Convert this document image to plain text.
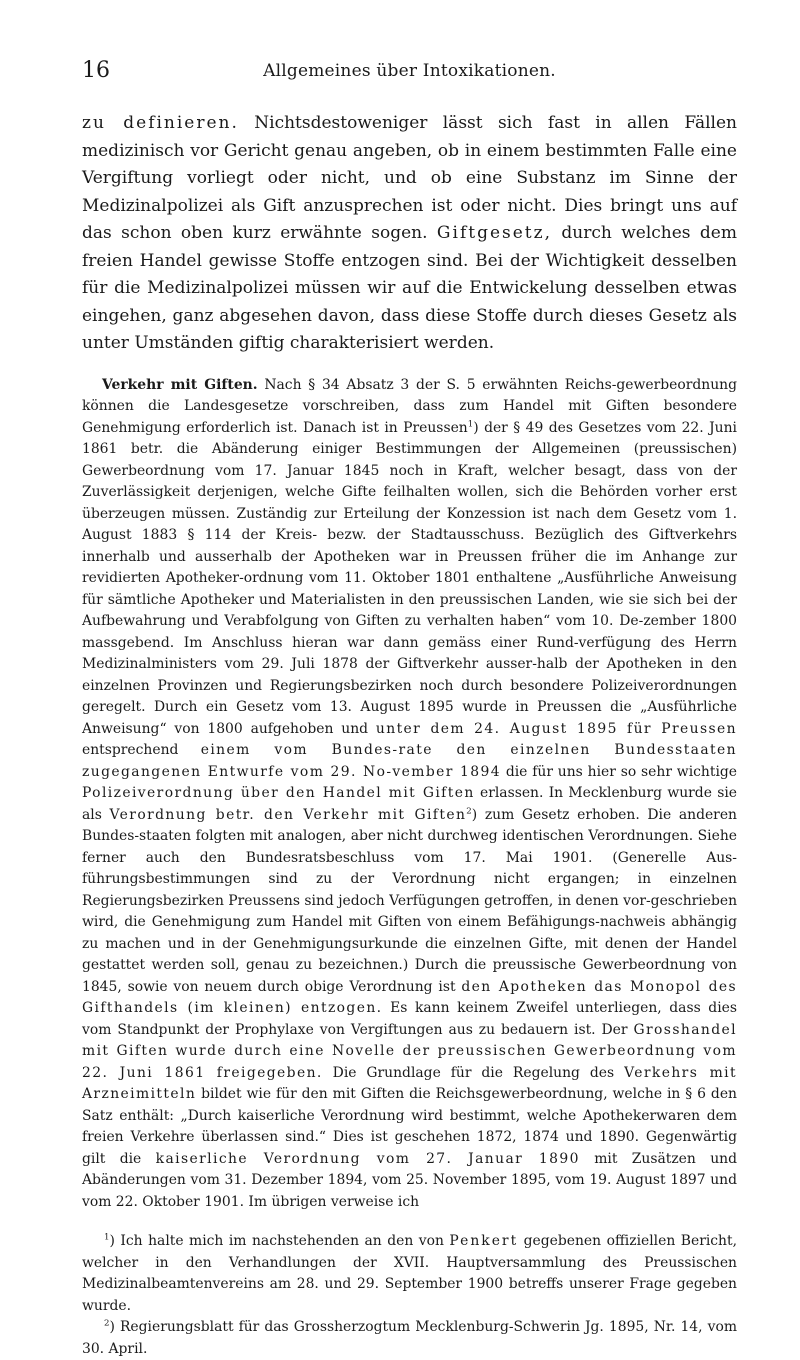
16	Allgemeines über Intoxikationen.

zu definieren. Nichtsdestoweniger lässt sich fast in allen Fällen medizinisch vor Gericht genau angeben, ob in einem bestimmten Falle eine Vergiftung vorliegt oder nicht, und ob eine Substanz im Sinne der Medizinalpolizei als Gift anzusprechen ist oder nicht. Dies bringt uns auf das schon oben kurz erwähnte sogen. Giftgesetz, durch welches dem freien Handel gewisse Stoffe entzogen sind. Bei der Wichtigkeit desselben für die Medizinalpolizei müssen wir auf die Entwickelung desselben etwas eingehen, ganz abgesehen davon, dass diese Stoffe durch dieses Gesetz als unter Umständen giftig charakterisiert werden.

Verkehr mit Giften. Nach § 34 Absatz 3 der S. 5 erwähnten Reichs-gewerbeordnung können die Landesgesetze vorschreiben, dass zum Handel mit Giften besondere Genehmigung erforderlich ist. Danach ist in Preussen$^1$) der § 49 des Gesetzes vom 22. Juni 1861 betr. die Abänderung einiger Bestimmungen der Allgemeinen (preussischen) Gewerbeordnung vom 17. Januar 1845 noch in Kraft, welcher besagt, dass von der Zuverlässigkeit derjenigen, welche Gifte feilhalten wollen, sich die Behörden vorher erst überzeugen müssen. Zuständig zur Erteilung der Konzession ist nach dem Gesetz vom 1. August 1883 § 114 der Kreis- bezw. der Stadtausschuss. Bezüglich des Giftverkehrs innerhalb und ausserhalb der Apotheken war in Preussen früher die im Anhange zur revidierten Apotheker-ordnung vom 11. Oktober 1801 enthaltene „Ausführliche Anweisung für sämtliche Apotheker und Materialisten in den preussischen Landen, wie sie sich bei der Aufbewahrung und Verabfolgung von Giften zu verhalten haben“ vom 10. De-zember 1800 massgebend. Im Anschluss hieran war dann gemäss einer Rund-verfügung des Herrn Medizinalministers vom 29. Juli 1878 der Giftverkehr ausser-halb der Apotheken in den einzelnen Provinzen und Regierungsbezirken noch durch besondere Polizeiverordnungen geregelt. Durch ein Gesetz vom 13. August 1895 wurde in Preussen die „Ausführliche Anweisung“ von 1800 aufgehoben und unter dem 24. August 1895 für Preussen entsprechend einem vom Bundes-rate den einzelnen Bundesstaaten zugegangenen Entwurfe vom 29. No-vember 1894 die für uns hier so sehr wichtige Polizeiverordnung über den Handel mit Giften erlassen. In Mecklenburg wurde sie als Verordnung betr. den Verkehr mit Giften$^2$) zum Gesetz erhoben. Die anderen Bundes-staaten folgten mit analogen, aber nicht durchweg identischen Verordnungen. Siehe ferner auch den Bundesratsbeschluss vom 17. Mai 1901. (Generelle Aus-führungsbestimmungen sind zu der Verordnung nicht ergangen; in einzelnen Regierungsbezirken Preussens sind jedoch Verfügungen getroffen, in denen vor-geschrieben wird, die Genehmigung zum Handel mit Giften von einem Befähigungs-nachweis abhängig zu machen und in der Genehmigungsurkunde die einzelnen Gifte, mit denen der Handel gestattet werden soll, genau zu bezeichnen.) Durch die preussische Gewerbeordnung von 1845, sowie von neuem durch obige Verordnung ist den Apotheken das Monopol des Gifthandels (im kleinen) entzogen. Es kann keinem Zweifel unterliegen, dass dies vom Standpunkt der Prophylaxe von Vergiftungen aus zu bedauern ist. Der Grosshandel mit Giften wurde durch eine Novelle der preussischen Gewerbeordnung vom 22. Juni 1861 freigegeben. Die Grundlage für die Regelung des Verkehrs mit Arzneimitteln bildet wie für den mit Giften die Reichsgewerbeordnung, welche in § 6 den Satz enthält: „Durch kaiserliche Verordnung wird bestimmt, welche Apothekerwaren dem freien Verkehre überlassen sind.“ Dies ist geschehen 1872, 1874 und 1890. Gegenwärtig gilt die kaiserliche Verordnung vom 27. Januar 1890 mit Zusätzen und Abänderungen vom 31. Dezember 1894, vom 25. November 1895, vom 19. August 1897 und vom 22. Oktober 1901. Im übrigen verweise ich

$^1$) Ich halte mich im nachstehenden an den von Penkert gegebenen offiziellen Bericht, welcher in den Verhandlungen der XVII. Hauptversammlung des Preussischen Medizinalbeamtenvereins am 28. und 29. September 1900 betreffs unserer Frage gegeben wurde.
$^2$) Regierungsblatt für das Grossherzogtum Mecklenburg-Schwerin Jg. 1895, Nr. 14, vom 30. April.
